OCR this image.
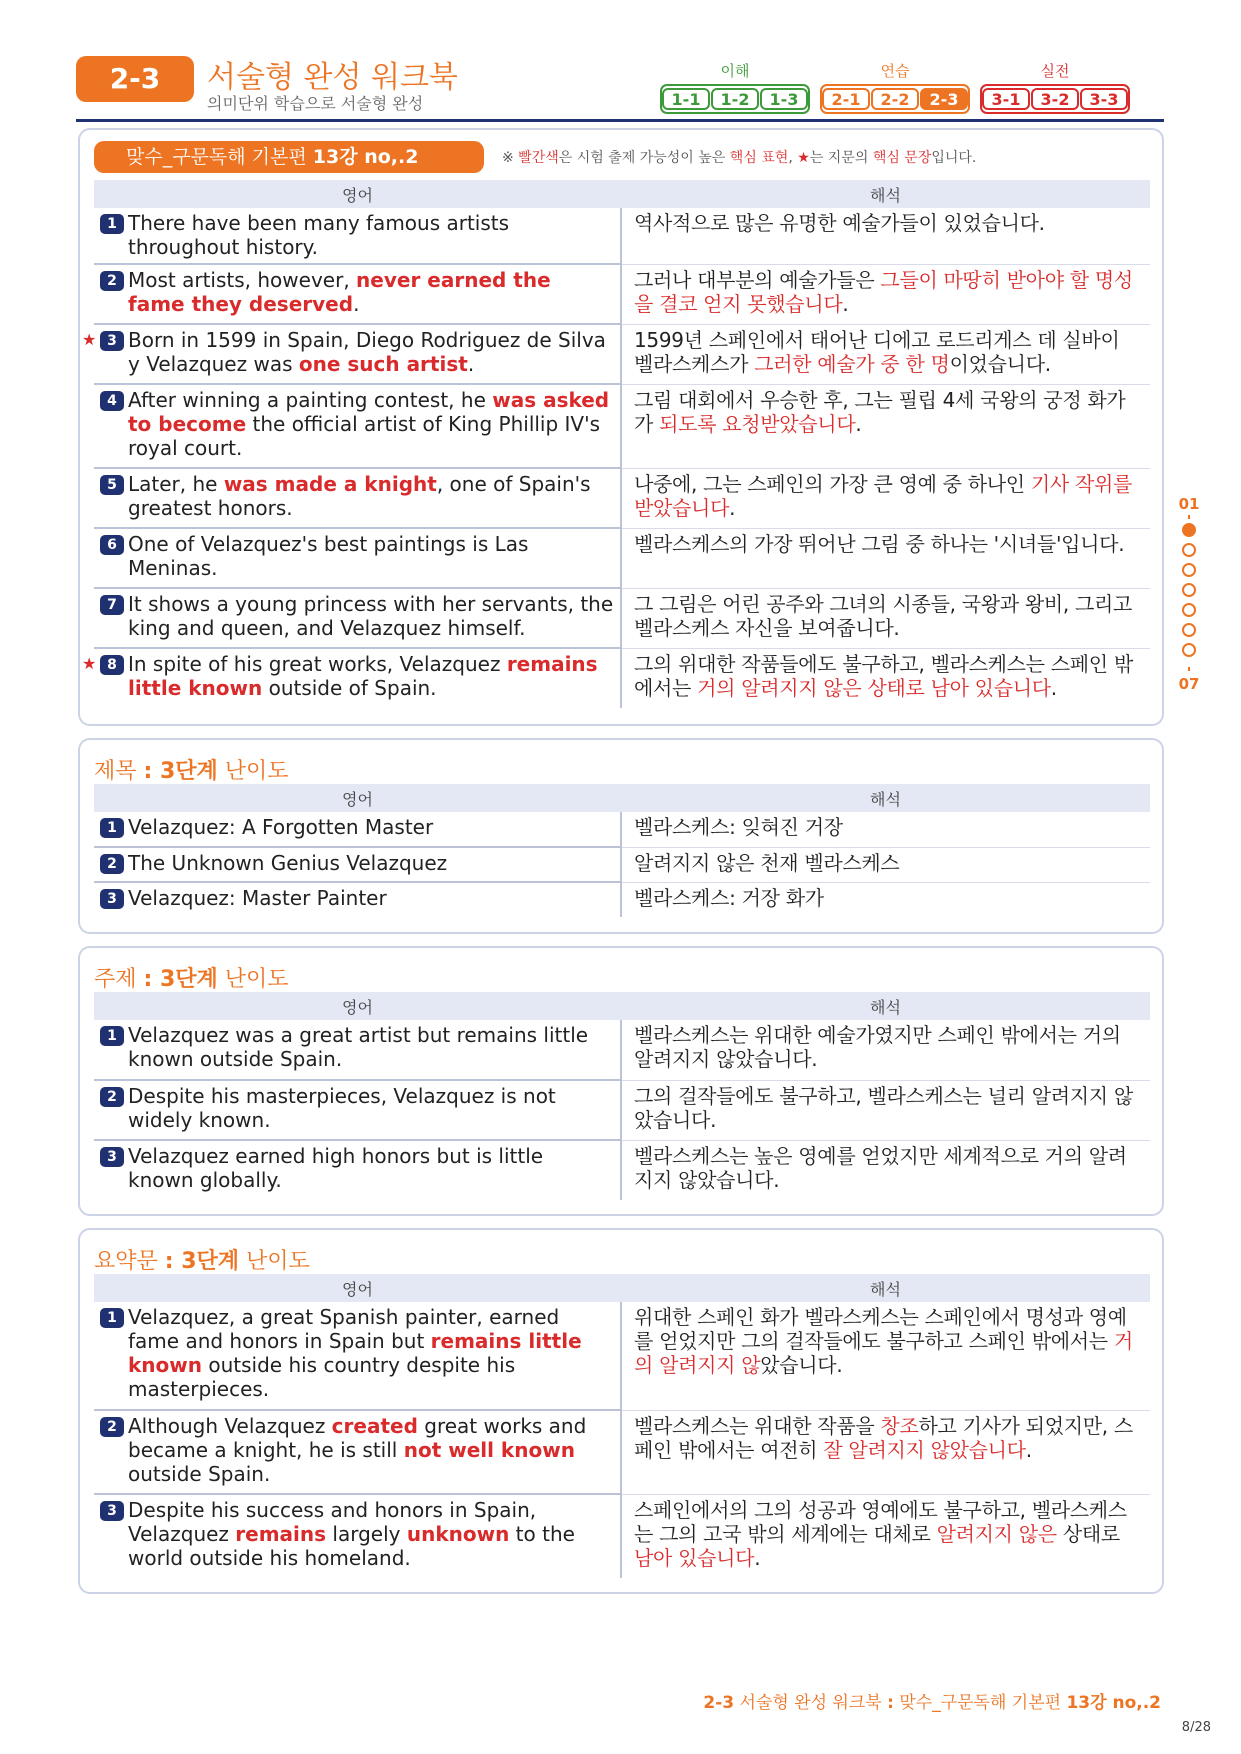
2-3	서술형 완성 워크북
의미단위 학습으로 서술형 완성
이해
1-1	1-2	1-3
연습
2-1	2-2	2-3
실전
3-1	3-2	3-3
맞수_구문독해 기본편 13강 no,.2	※ 빨간색은 시험 출제 가능성이 높은 핵심 표현, ★는 지문의 핵심 문장입니다.
영어	해석

1 There have been many famous artists throughout history.	역사적으로 많은 유명한 예술가들이 있었습니다.

2 Most artists, however, never earned the fame they deserved.	그러나 대부분의 예술가들은 그들이 마땅히 받아야 할 명성을 결코 얻지 못했습니다.

★ 3 Born in 1599 in Spain, Diego Rodriguez de Silva y Velazquez was one such artist.	1599년 스페인에서 태어난 디에고 로드리게스 데 실바이 벨라스케스가 그러한 예술가 중 한 명이었습니다.

4 After winning a painting contest, he was asked to become the official artist of King Phillip IV's royal court.	그림 대회에서 우승한 후, 그는 필립 4세 국왕의 궁정 화가가 되도록 요청받았습니다.

5 Later, he was made a knight, one of Spain's greatest honors.	나중에, 그는 스페인의 가장 큰 영예 중 하나인 기사 작위를 받았습니다.

6 One of Velazquez's best paintings is Las Meninas.	벨라스케스의 가장 뛰어난 그림 중 하나는 '시녀들'입니다.

7 It shows a young princess with her servants, the king and queen, and Velazquez himself.	그 그림은 어린 공주와 그녀의 시종들, 국왕과 왕비, 그리고 벨라스케스 자신을 보여줍니다.

★ 8 In spite of his great works, Velazquez remains little known outside of Spain.	그의 위대한 작품들에도 불구하고, 벨라스케스는 스페인 밖에서는 거의 알려지지 않은 상태로 남아 있습니다.
제목 : 3단계 난이도
영어	해석

1 Velazquez: A Forgotten Master	벨라스케스: 잊혀진 거장

2 The Unknown Genius Velazquez	알려지지 않은 천재 벨라스케스

3 Velazquez: Master Painter	벨라스케스: 거장 화가
주제 : 3단계 난이도
영어	해석

1 Velazquez was a great artist but remains little known outside Spain.	벨라스케스는 위대한 예술가였지만 스페인 밖에서는 거의 알려지지 않았습니다.

2 Despite his masterpieces, Velazquez is not widely known.	그의 걸작들에도 불구하고, 벨라스케스는 널리 알려지지 않았습니다.

3 Velazquez earned high honors but is little known globally.	벨라스케스는 높은 영예를 얻었지만 세계적으로 거의 알려지지 않았습니다.
요약문 : 3단계 난이도
영어	해석

1 Velazquez, a great Spanish painter, earned fame and honors in Spain but remains little known outside his country despite his masterpieces.	위대한 스페인 화가 벨라스케스는 스페인에서 명성과 영예를 얻었지만 그의 걸작들에도 불구하고 스페인 밖에서는 거의 알려지지 않았습니다.

2 Although Velazquez created great works and became a knight, he is still not well known outside Spain.	벨라스케스는 위대한 작품을 창조하고 기사가 되었지만, 스페인 밖에서는 여전히 잘 알려지지 않았습니다.

3 Despite his success and honors in Spain, Velazquez remains largely unknown to the world outside his homeland.	스페인에서의 그의 성공과 영예에도 불구하고, 벨라스케스는 그의 고국 밖의 세계에는 대체로 알려지지 않은 상태로 남아 있습니다.
01
07
2-3 서술형 완성 워크북 : 맞수_구문독해 기본편 13강 no,.2
8/28
